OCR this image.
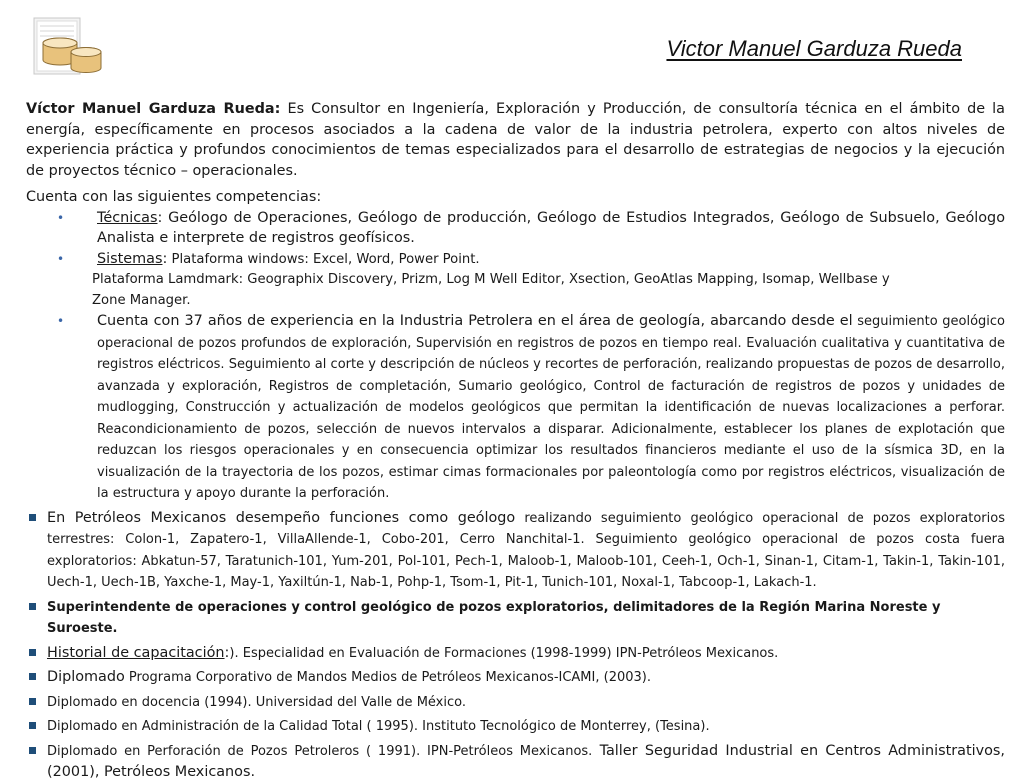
Victor Manuel Garduza Rueda

Víctor Manuel Garduza Rueda: Es Consultor en Ingeniería, Exploración y Producción, de consultoría técnica en el ámbito de la energía, específicamente en procesos asociados a la cadena de valor de la industria petrolera, experto con altos niveles de experiencia práctica y profundos conocimientos de temas especializados para el desarrollo de estrategias de negocios y la ejecución de proyectos técnico – operacionales.

Cuenta con las siguientes competencias:

• Técnicas: Geólogo de Operaciones, Geólogo de producción, Geólogo de Estudios Integrados, Geólogo de Subsuelo, Geólogo Analista e interprete de registros geofísicos.
• Sistemas: Plataforma windows: Excel, Word, Power Point.
Plataforma Lamdmark: Geographix Discovery, Prizm, Log M Well Editor, Xsection, GeoAtlas Mapping, Isomap, Wellbase y
Zone Manager.
• Cuenta con 37 años de experiencia en la Industria Petrolera en el área de geología, abarcando desde el seguimiento geológico operacional de pozos profundos de exploración, Supervisión en registros de pozos en tiempo real. Evaluación cualitativa y cuantitativa de registros eléctricos. Seguimiento al corte y descripción de núcleos y recortes de perforación, realizando propuestas de pozos de desarrollo, avanzada y exploración, Registros de completación, Sumario geológico, Control de facturación de registros de pozos y unidades de mudlogging, Construcción y actualización de modelos geológicos que permitan la identificación de nuevas localizaciones a perforar. Reacondicionamiento de pozos, selección de nuevos intervalos a disparar. Adicionalmente, establecer los planes de explotación que reduzcan los riesgos operacionales y en consecuencia optimizar los resultados financieros mediante el uso de la sísmica 3D, en la visualización de la trayectoria de los pozos, estimar cimas formacionales por paleontología como por registros eléctricos, visualización de la estructura y apoyo durante la perforación.
En Petróleos Mexicanos desempeño funciones como geólogo realizando seguimiento geológico operacional de pozos exploratorios terrestres: Colon-1, Zapatero-1, VillaAllende-1, Cobo-201, Cerro Nanchital-1. Seguimiento geológico operacional de pozos costa fuera exploratorios: Abkatun-57, Taratunich-101, Yum-201, Pol-101, Pech-1, Maloob-1, Maloob-101, Ceeh-1, Och-1, Sinan-1, Citam-1, Takin-1, Takin-101, Uech-1, Uech-1B, Yaxche-1, May-1, Yaxiltún-1, Nab-1, Pohp-1, Tsom-1, Pit-1, Tunich-101, Noxal-1, Tabcoop-1, Lakach-1.
Superintendente de operaciones y control geológico de pozos exploratorios, delimitadores de la Región Marina Noreste y Suroeste.
Historial de capacitación:). Especialidad en Evaluación de Formaciones (1998-1999) IPN-Petróleos Mexicanos.
Diplomado Programa Corporativo de Mandos Medios de Petróleos Mexicanos-ICAMI, (2003).
Diplomado en docencia (1994). Universidad del Valle de México.
Diplomado en Administración de la Calidad Total ( 1995). Instituto Tecnológico de Monterrey, (Tesina).
Diplomado en Perforación de Pozos Petroleros ( 1991). IPN-Petróleos Mexicanos. Taller Seguridad Industrial en Centros Administrativos, (2001), Petróleos Mexicanos.
